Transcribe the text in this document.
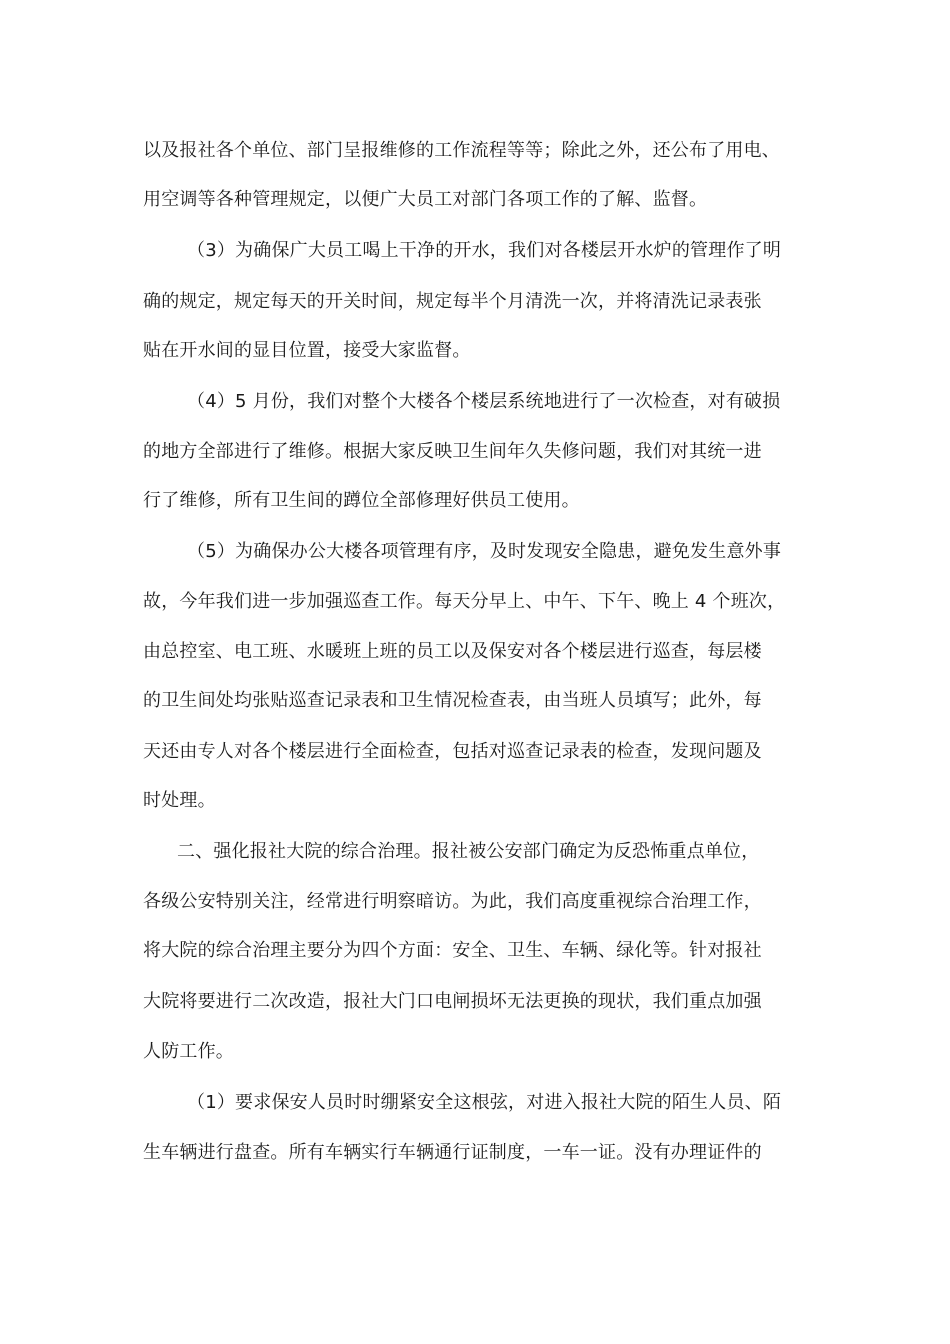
以及报社各个单位、部门呈报维修的工作流程等等；除此之外，还公布了用电、
用空调等各种管理规定，以便广大员工对部门各项工作的了解、监督。
（3）为确保广大员工喝上干净的开水，我们对各楼层开水炉的管理作了明
确的规定，规定每天的开关时间，规定每半个月清洗一次，并将清洗记录表张
贴在开水间的显目位置，接受大家监督。
（4）5 月份，我们对整个大楼各个楼层系统地进行了一次检查，对有破损
的地方全部进行了维修。根据大家反映卫生间年久失修问题，我们对其统一进
行了维修，所有卫生间的蹲位全部修理好供员工使用。
（5）为确保办公大楼各项管理有序，及时发现安全隐患，避免发生意外事
故，今年我们进一步加强巡查工作。每天分早上、中午、下午、晚上 4 个班次，
由总控室、电工班、水暖班上班的员工以及保安对各个楼层进行巡查，每层楼
的卫生间处均张贴巡查记录表和卫生情况检查表，由当班人员填写；此外，每
天还由专人对各个楼层进行全面检查，包括对巡查记录表的检查，发现问题及
时处理。
二、强化报社大院的综合治理。报社被公安部门确定为反恐怖重点单位，
各级公安特别关注，经常进行明察暗访。为此，我们高度重视综合治理工作，
将大院的综合治理主要分为四个方面：安全、卫生、车辆、绿化等。针对报社
大院将要进行二次改造，报社大门口电闸损坏无法更换的现状，我们重点加强
人防工作。
（1）要求保安人员时时绷紧安全这根弦，对进入报社大院的陌生人员、陌
生车辆进行盘查。所有车辆实行车辆通行证制度，一车一证。没有办理证件的
